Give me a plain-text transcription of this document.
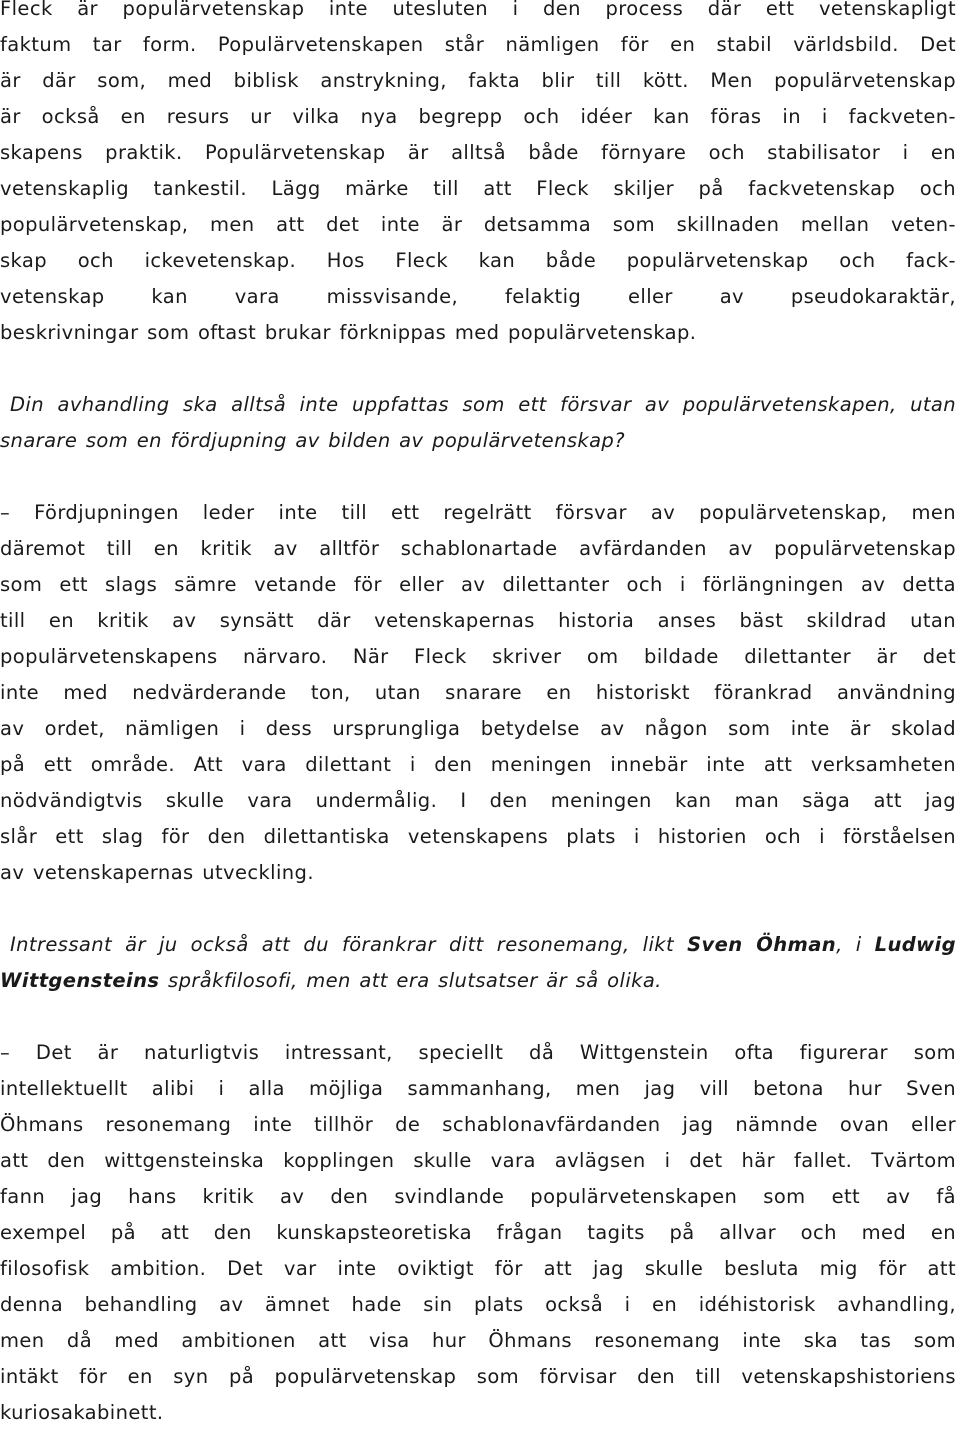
Fleck är populärvetenskap inte utesluten i den process där ett vetenskapligt
faktum tar form. Populärvetenskapen står nämligen för en stabil världsbild. Det
är där som, med biblisk anstrykning, fakta blir till kött. Men populärvetenskap
är också en resurs ur vilka nya begrepp och idéer kan föras in i fackveten-
skapens praktik. Populärvetenskap är alltså både förnyare och stabilisator i en
vetenskaplig tankestil. Lägg märke till att Fleck skiljer på fackvetenskap och
populärvetenskap, men att det inte är detsamma som skillnaden mellan veten-
skap och ickevetenskap. Hos Fleck kan både populärvetenskap och fack-
vetenskap kan vara missvisande, felaktig eller av pseudokaraktär,
beskrivningar som oftast brukar förknippas med populärvetenskap.
Din avhandling ska alltså inte uppfattas som ett försvar av populärvetenskapen, utan
snarare som en fördjupning av bilden av populärvetenskap?
– Fördjupningen leder inte till ett regelrätt försvar av populärvetenskap, men
däremot till en kritik av alltför schablonartade avfärdanden av populärvetenskap
som ett slags sämre vetande för eller av dilettanter och i förlängningen av detta
till en kritik av synsätt där vetenskapernas historia anses bäst skildrad utan
populärvetenskapens närvaro. När Fleck skriver om bildade dilettanter är det
inte med nedvärderande ton, utan snarare en historiskt förankrad användning
av ordet, nämligen i dess ursprungliga betydelse av någon som inte är skolad
på ett område. Att vara dilettant i den meningen innebär inte att verksamheten
nödvändigtvis skulle vara undermålig. I den meningen kan man säga att jag
slår ett slag för den dilettantiska vetenskapens plats i historien och i förståelsen
av vetenskapernas utveckling.
Intressant är ju också att du förankrar ditt resonemang, likt Sven Öhman, i Ludwig
Wittgensteins språkfilosofi, men att era slutsatser är så olika.
– Det är naturligtvis intressant, speciellt då Wittgenstein ofta figurerar som
intellektuellt alibi i alla möjliga sammanhang, men jag vill betona hur Sven
Öhmans resonemang inte tillhör de schablonavfärdanden jag nämnde ovan eller
att den wittgensteinska kopplingen skulle vara avlägsen i det här fallet. Tvärtom
fann jag hans kritik av den svindlande populärvetenskapen som ett av få
exempel på att den kunskapsteoretiska frågan tagits på allvar och med en
filosofisk ambition. Det var inte oviktigt för att jag skulle besluta mig för att
denna behandling av ämnet hade sin plats också i en idéhistorisk avhandling,
men då med ambitionen att visa hur Öhmans resonemang inte ska tas som
intäkt för en syn på populärvetenskap som förvisar den till vetenskapshistoriens
kuriosakabinett.
